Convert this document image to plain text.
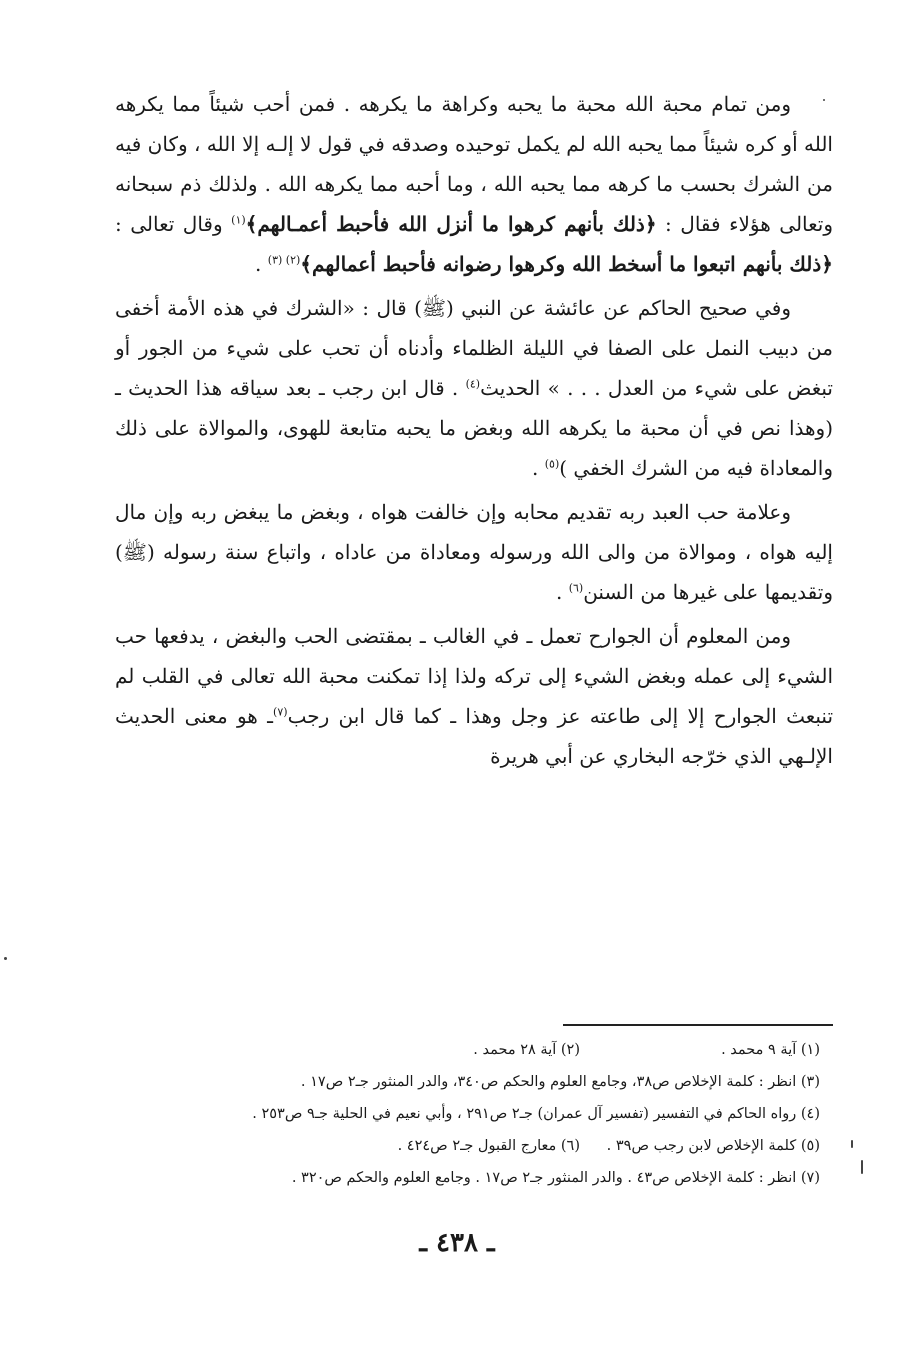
ومن تمام محبة الله محبة ما يحبه وكراهة ما يكرهه . فمن أحب شيئاً مما يكرهه الله أو كره شيئاً مما يحبه الله لم يكمل توحيده وصدقه في قول لا إلـه إلا الله ، وكان فيه من الشرك بحسب ما كرهه مما يحبه الله ، وما أحبه مما يكرهه الله . ولذلك ذم سبحانه وتعالى هؤلاء فقال : ﴿ذلك بأنهم كرهوا ما أنزل الله فأحبط أعمـالهم﴾$^{(١)}$ وقال تعالى : ﴿ذلك بأنهم اتبعوا ما أسخط الله وكرهوا رضوانه فأحبط أعمالهم﴾$^{(٢) (٣)}$ .

وفي صحيح الحاكم عن عائشة عن النبي (ﷺ) قال : «الشرك في هذه الأمة أخفى من دبيب النمل على الصفا في الليلة الظلماء وأدناه أن تحب على شيء من الجور أو تبغض على شيء من العدل . . . » الحديث$^{(٤)}$ . قال ابن رجب ـ بعد سياقه هذا الحديث ـ (وهذا نص في أن محبة ما يكرهه الله وبغض ما يحبه متابعة للهوى، والموالاة على ذلك والمعاداة فيه من الشرك الخفي )$^{(٥)}$ .

وعلامة حب العبد ربه تقديم محابه وإن خالفت هواه ، وبغض ما يبغض ربه وإن مال إليه هواه ، وموالاة من والى الله ورسوله ومعاداة من عاداه ، واتباع سنة رسوله (ﷺ) وتقديمها على غيرها من السنن$^{(٦)}$ .

ومن المعلوم أن الجوارح تعمل ـ في الغالب ـ بمقتضى الحب والبغض ، يدفعها حب الشيء إلى عمله وبغض الشيء إلى تركه ولذا إذا تمكنت محبة الله تعالى في القلب لم تنبعث الجوارح إلا إلى طاعته عز وجل وهذا ـ كما قال ابن رجب$^{(٧)}$ـ هو معنى الحديث الإلـهي الذي خرّجه البخاري عن أبي هريرة

(١) آية ٩ محمد .
(٢) آية ٢٨ محمد .
(٣) انظر : كلمة الإخلاص ص٣٨، وجامع العلوم والحكم ص٣٤٠، والدر المنثور جـ٢ ص١٧ .
(٤) رواه الحاكم في التفسير (تفسير آل عمران) جـ٢ ص٢٩١ ، وأبي نعيم في الحلية جـ٩ ص٢٥٣ .
(٥) كلمة الإخلاص لابن رجب ص٣٩ .
(٦) معارج القبول جـ٢ ص٤٢٤ .
(٧) انظر : كلمة الإخلاص ص٤٣ . والدر المنثور جـ٢ ص١٧ . وجامع العلوم والحكم ص٣٢٠ .
ـ ٤٣٨ ـ
